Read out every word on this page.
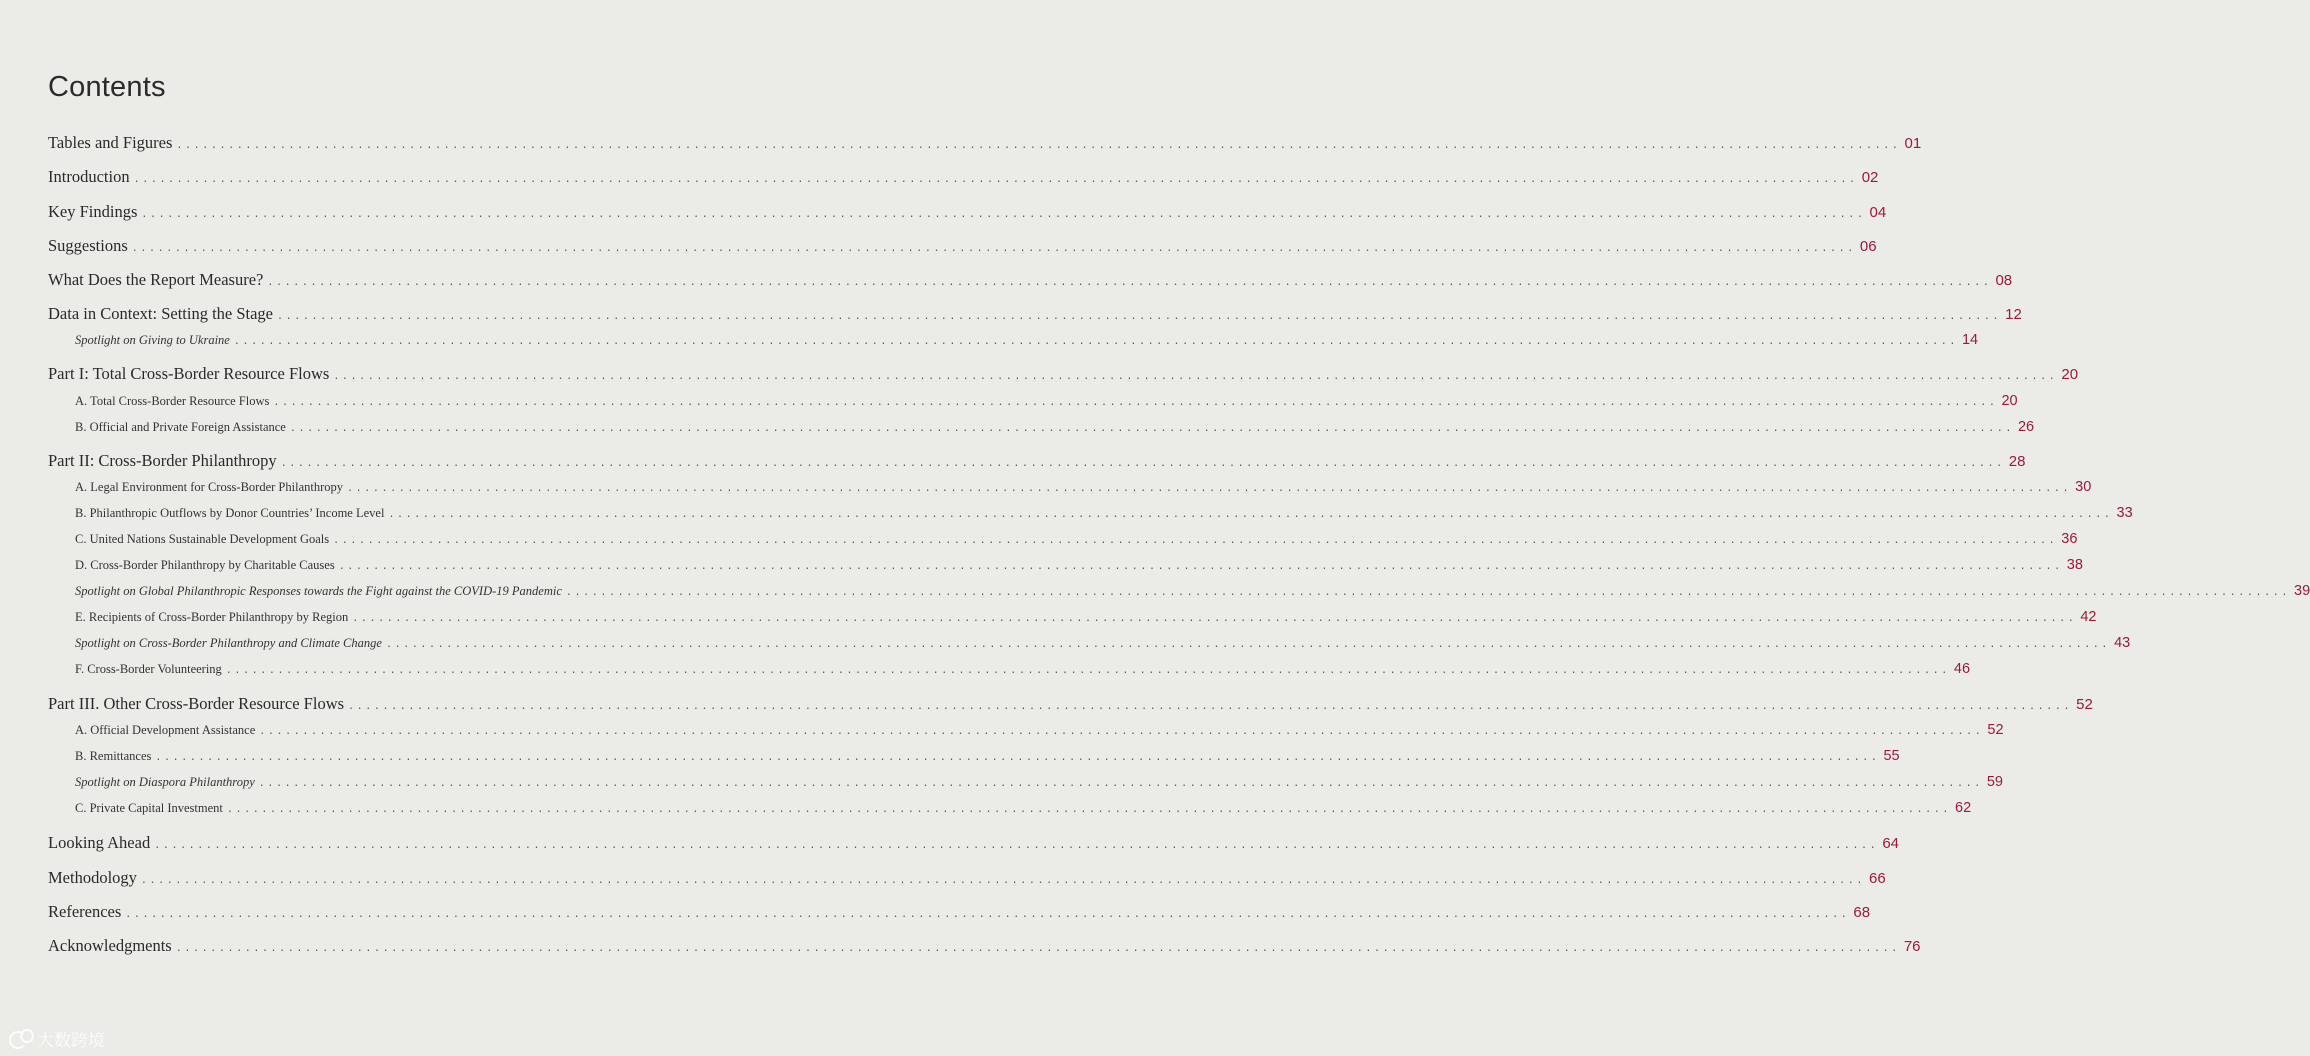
Contents
Tables and Figures ........................................................................................................................................................................................................ 01
Introduction ........................................................................................................................................................................................................ 02
Key Findings ........................................................................................................................................................................................................ 04
Suggestions ........................................................................................................................................................................................................ 06
What Does the Report Measure? ........................................................................................................................................................................................................ 08
Data in Context: Setting the Stage ........................................................................................................................................................................................................ 12
Spotlight on Giving to Ukraine ........................................................................................................................................................................................................ 14
Part I: Total Cross-Border Resource Flows ........................................................................................................................................................................................................ 20
A. Total Cross-Border Resource Flows ........................................................................................................................................................................................................ 20
B. Official and Private Foreign Assistance ........................................................................................................................................................................................................ 26
Part II: Cross-Border Philanthropy ........................................................................................................................................................................................................ 28
A. Legal Environment for Cross-Border Philanthropy ........................................................................................................................................................................................................ 30
B. Philanthropic Outflows by Donor Countries’ Income Level ........................................................................................................................................................................................................ 33
C. United Nations Sustainable Development Goals ........................................................................................................................................................................................................ 36
D. Cross-Border Philanthropy by Charitable Causes ........................................................................................................................................................................................................ 38
Spotlight on Global Philanthropic Responses towards the Fight against the COVID-19 Pandemic ........................................................................................................................................................................................................ 39
E. Recipients of Cross-Border Philanthropy by Region ........................................................................................................................................................................................................ 42
Spotlight on Cross-Border Philanthropy and Climate Change ........................................................................................................................................................................................................ 43
F. Cross-Border Volunteering ........................................................................................................................................................................................................ 46
Part III. Other Cross-Border Resource Flows ........................................................................................................................................................................................................ 52
A. Official Development Assistance ........................................................................................................................................................................................................ 52
B. Remittances ........................................................................................................................................................................................................ 55
Spotlight on Diaspora Philanthropy ........................................................................................................................................................................................................ 59
C. Private Capital Investment ........................................................................................................................................................................................................ 62
Looking Ahead ........................................................................................................................................................................................................ 64
Methodology ........................................................................................................................................................................................................ 66
References ........................................................................................................................................................................................................ 68
Acknowledgments ........................................................................................................................................................................................................ 76
大数跨境
